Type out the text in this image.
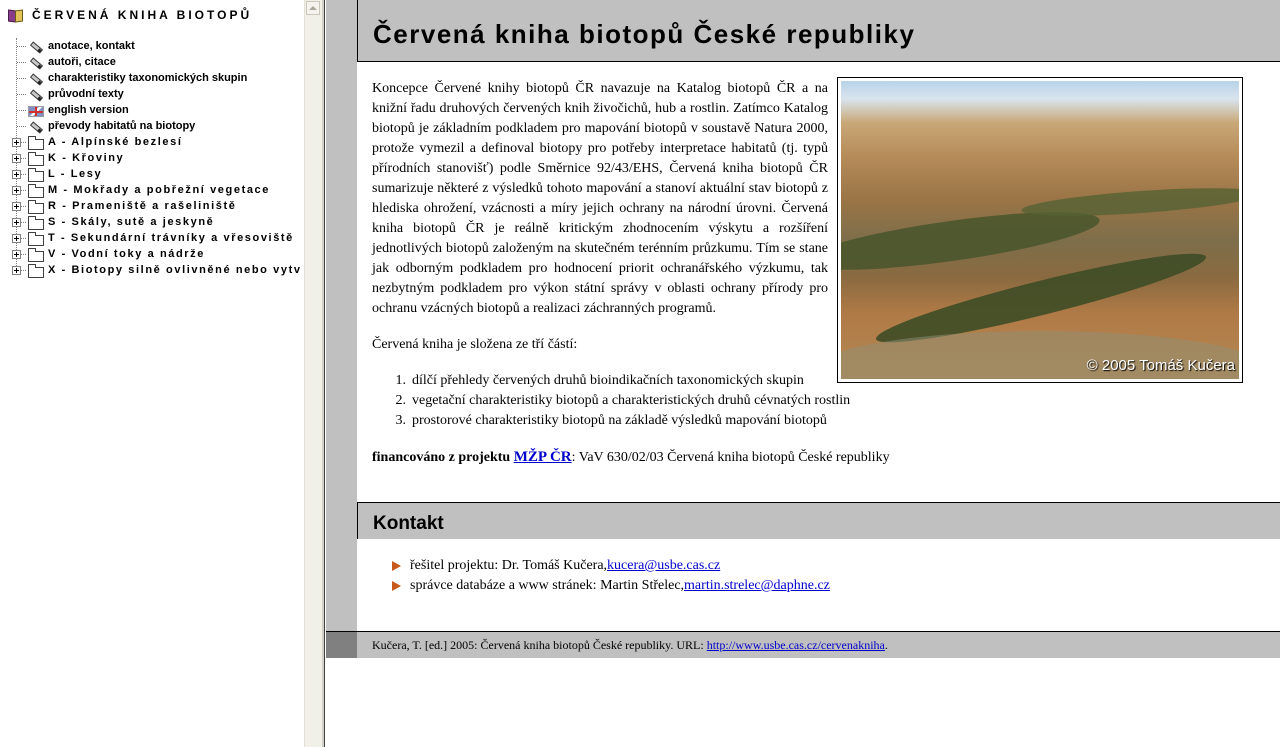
ČERVENÁ KNIHA BIOTOPŮ
anotace, kontakt
autoři, citace
charakteristiky taxonomických skupin
průvodní texty
english version
převody habitatů na biotopy
A - Alpínské bezlesí
K - Křoviny
L - Lesy
M - Mokřady a pobřežní vegetace
R - Prameniště a rašeliniště
S - Skály, sutě a jeskyně
T - Sekundární trávníky a vřesoviště
V - Vodní toky a nádrže
X - Biotopy silně ovlivněné nebo vytv
Červená kniha biotopů České republiky

Koncepce Červené knihy biotopů ČR navazuje na Katalog biotopů ČR a na knižní řadu druhových červených knih živočichů, hub a rostlin. Zatímco Katalog biotopů je základním podkladem pro mapování biotopů v soustavě Natura 2000, protože vymezil a definoval biotopy pro potřeby interpretace habitatů (tj. typů přírodních stanovišť) podle Směrnice 92/43/EHS, Červená kniha biotopů ČR sumarizuje některé z výsledků tohoto mapování a stanoví aktuální stav biotopů z hlediska ohrožení, vzácnosti a míry jejich ochrany na národní úrovni. Červená kniha biotopů ČR je reálně kritickým zhodnocením výskytu a rozšíření jednotlivých biotopů založeným na skutečném terénním průzkumu. Tím se stane jak odborným podkladem pro hodnocení priorit ochranářského výzkumu, tak nezbytným podkladem pro výkon státní správy v oblasti ochrany přírody pro ochranu vzácných biotopů a realizaci záchranných programů.

© 2005 Tomáš Kučera

Červená kniha je složena ze tří částí:

1. dílčí přehledy červených druhů bioindikačních taxonomických skupin
2. vegetační charakteristiky biotopů a charakteristických druhů cévnatých rostlin
3. prostorové charakteristiky biotopů na základě výsledků mapování biotopů

financováno z projektu MŽP ČR: VaV 630/02/03 Červená kniha biotopů České republiky

Kontakt
řešitel projektu: Dr. Tomáš Kučera, kucera@usbe.cas.cz
správce databáze a www stránek: Martin Střelec, martin.strelec@daphne.cz
Kučera, T. [ed.] 2005: Červená kniha biotopů České republiky. URL: http://www.usbe.cas.cz/cervenakniha.
